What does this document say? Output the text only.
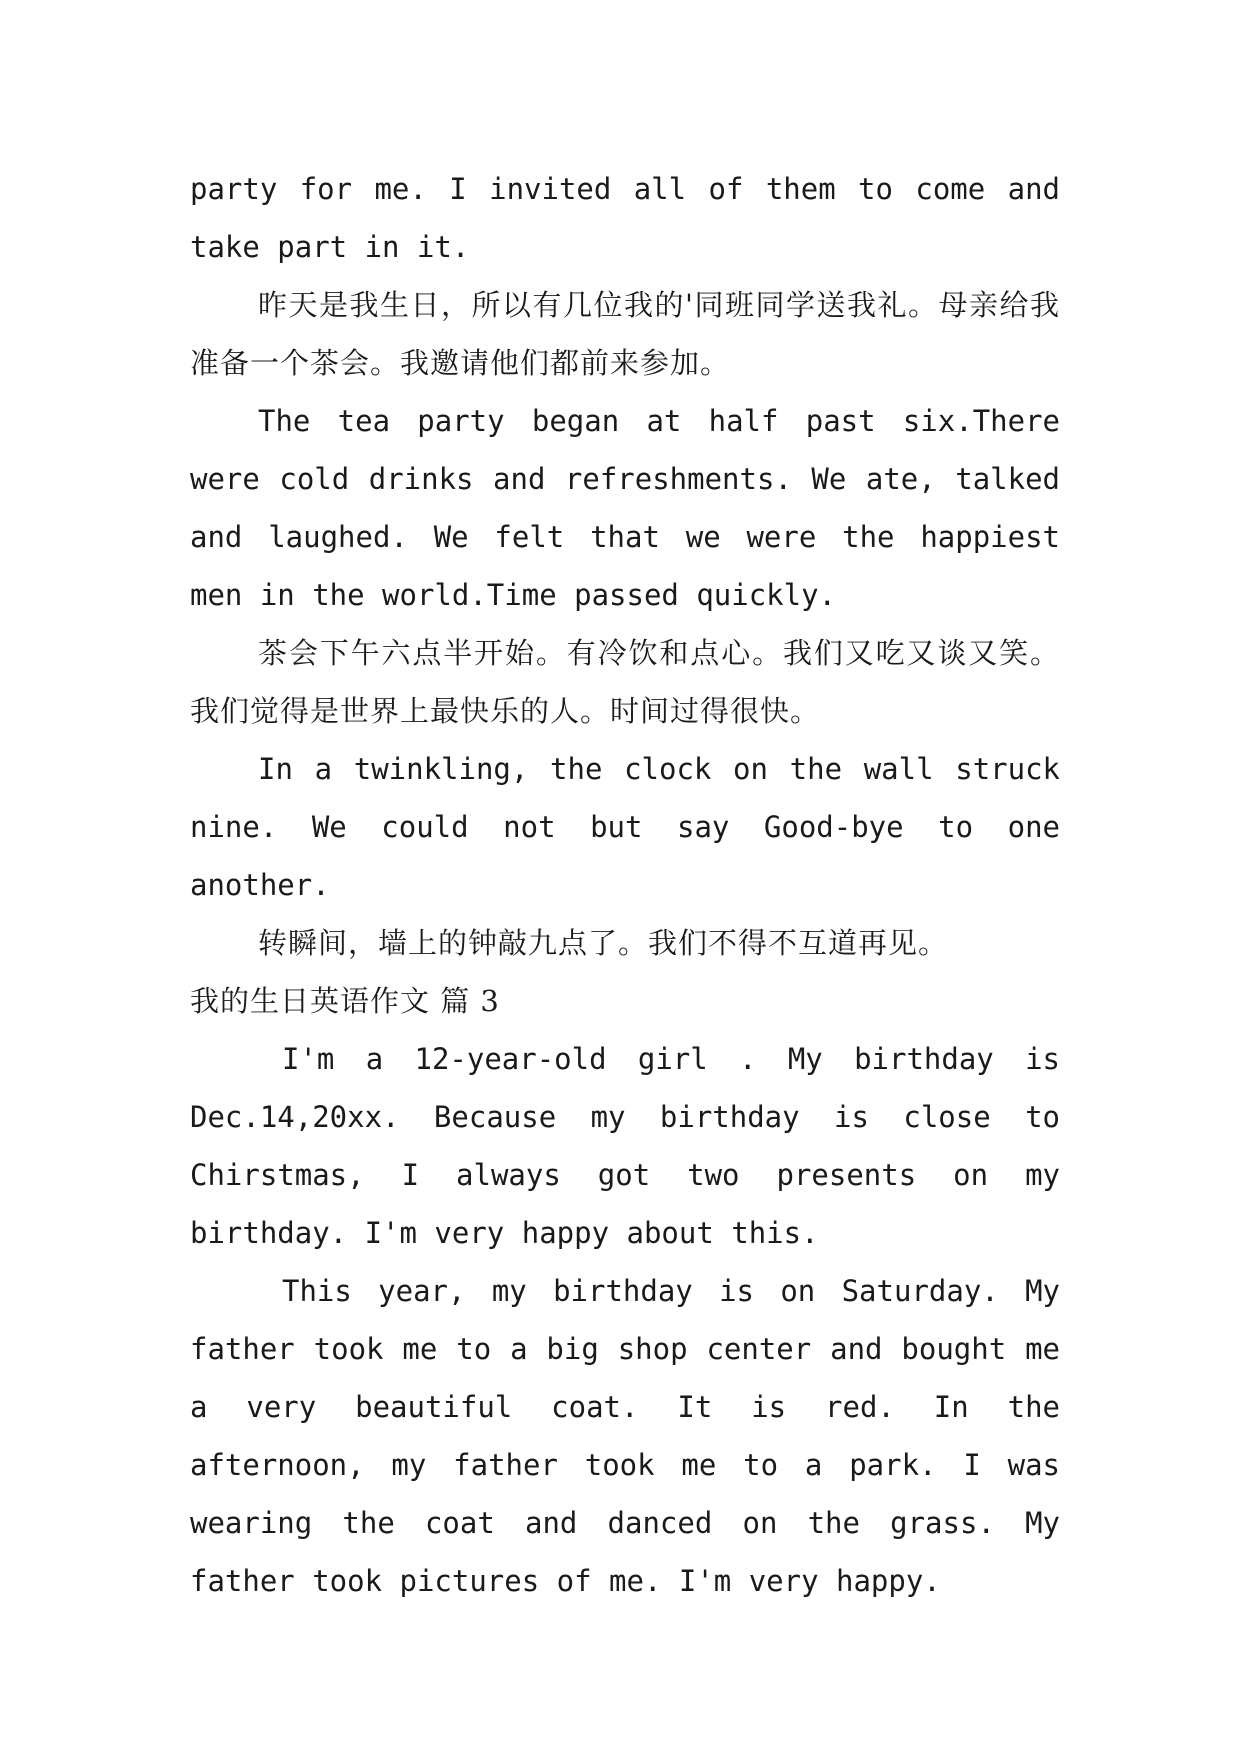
party for me. I invited all of them to come and take part in it.

昨天是我生日，所以有几位我的'同班同学送我礼。母亲给我准备一个茶会。我邀请他们都前来参加。

The tea party began at half past six.There were cold drinks and refreshments. We ate, talked and laughed. We felt that we were the happiest men in the world.Time passed quickly.

茶会下午六点半开始。有冷饮和点心。我们又吃又谈又笑。我们觉得是世界上最快乐的人。时间过得很快。

In a twinkling, the clock on the wall struck nine. We could not but say Good-bye to one another.

转瞬间，墙上的钟敲九点了。我们不得不互道再见。

我的生日英语作文 篇 3

I'm a 12-year-old girl . My birthday is Dec.14,20xx. Because my birthday is close to Chirstmas, I always got two presents on my birthday. I'm very happy about this.

This year, my birthday is on Saturday. My father took me to a big shop center and bought me a very beautiful coat. It is red. In the afternoon, my father took me to a park. I was wearing the coat and danced on the grass. My father took pictures of me. I'm very happy.
